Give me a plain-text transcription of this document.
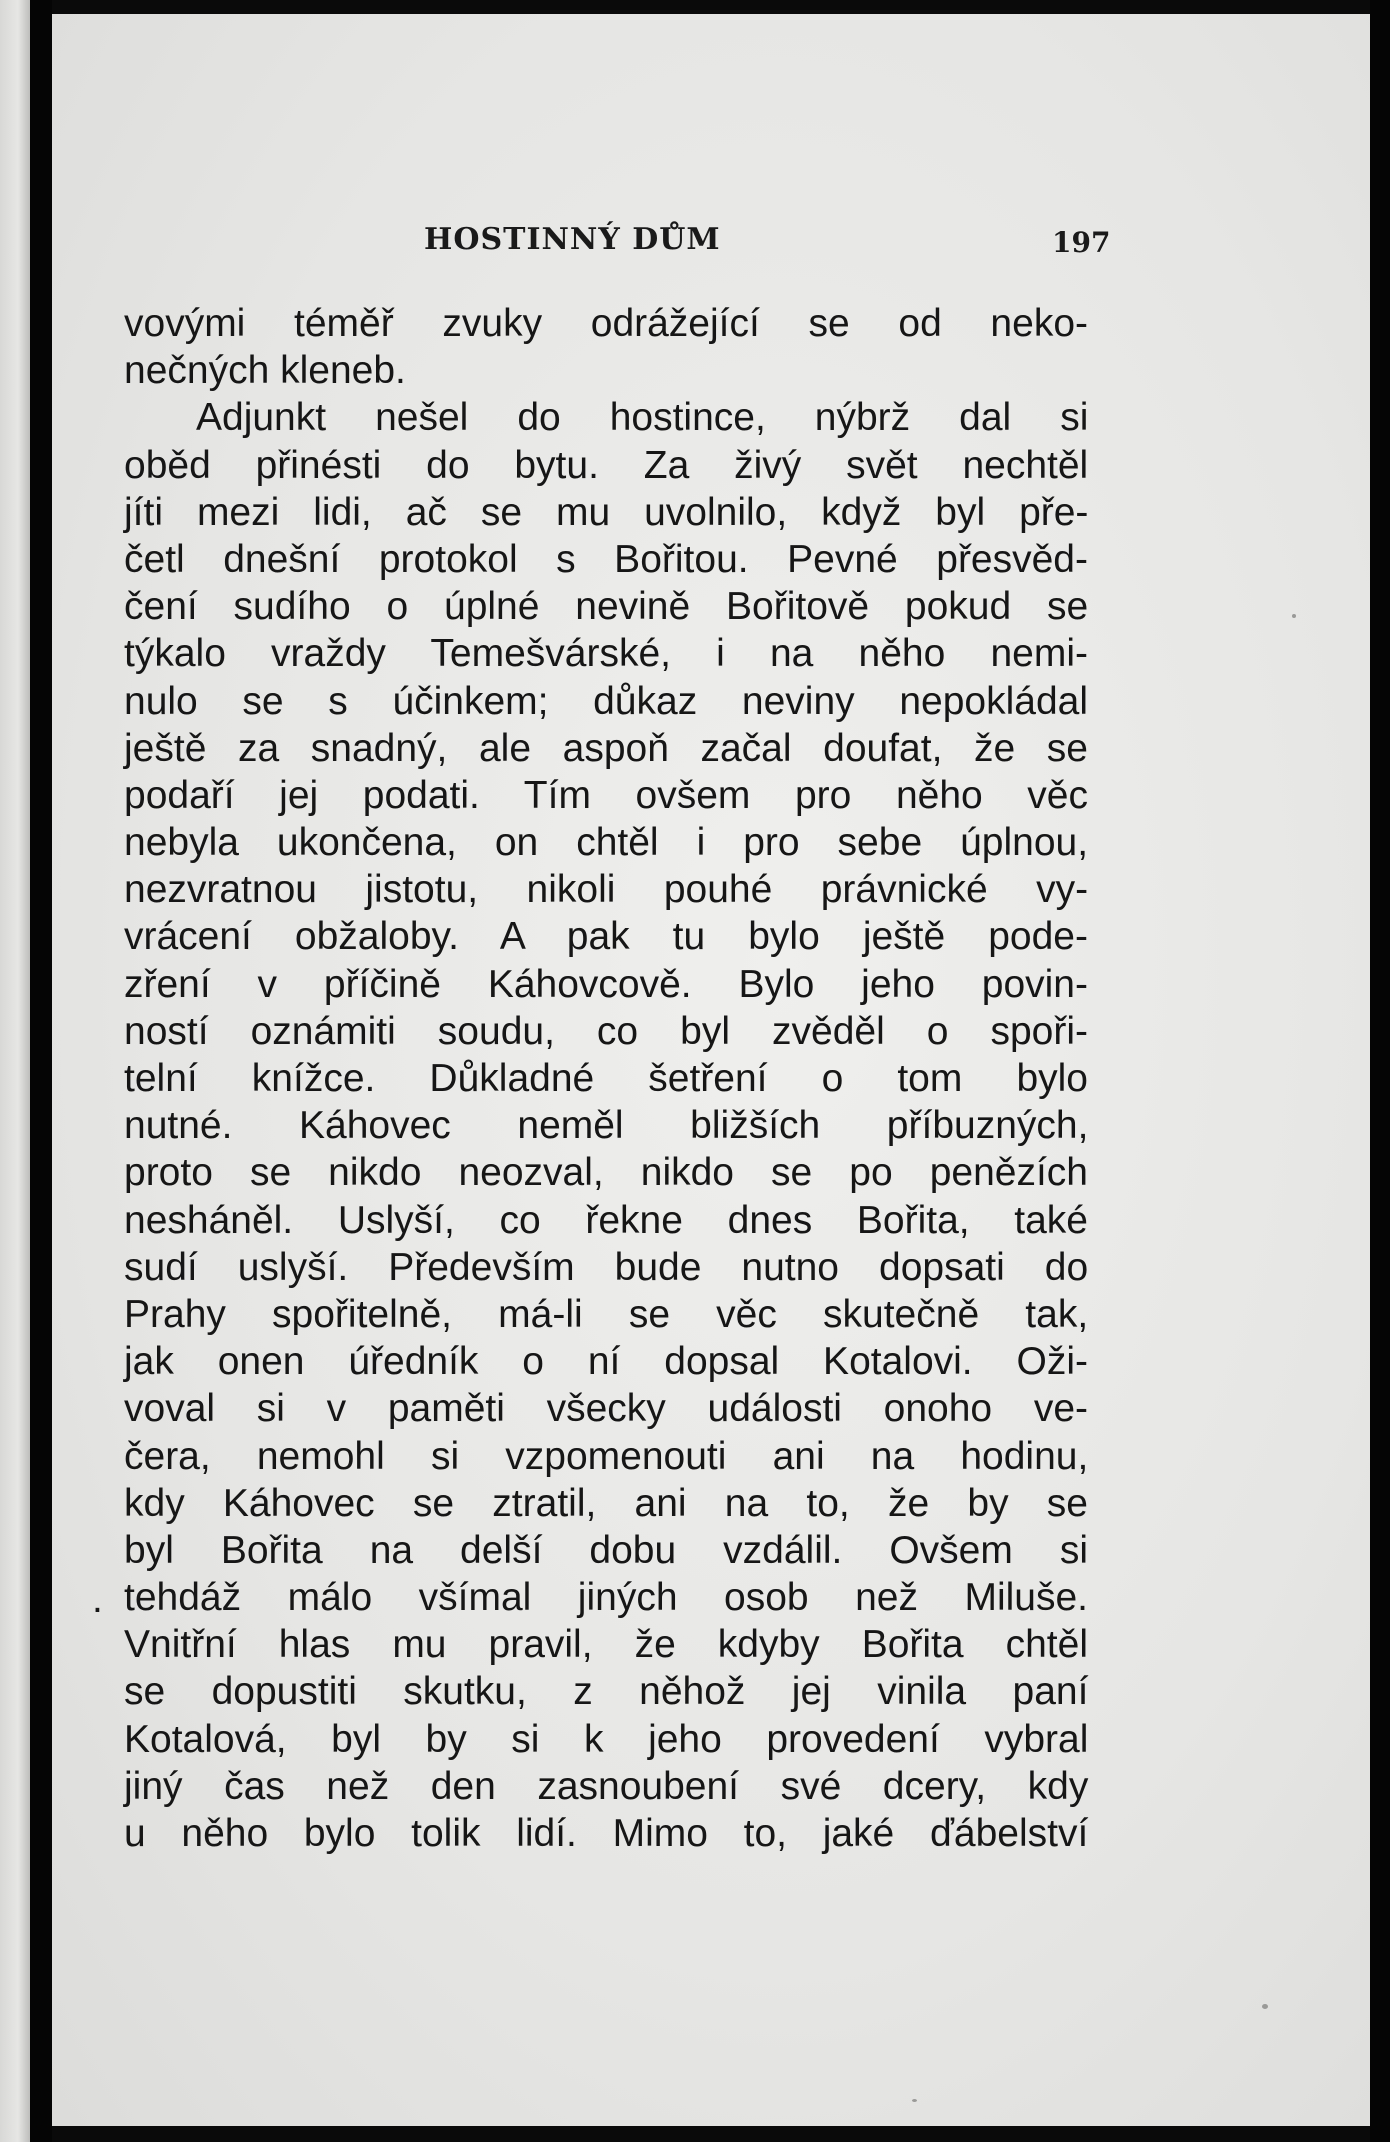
HOSTINNÝ DŮM	197
.
vovými téměř zvuky odrážející se od neko-
nečných kleneb.
Adjunkt nešel do hostince, nýbrž dal si
oběd přinésti do bytu. Za živý svět nechtěl
jíti mezi lidi, ač se mu uvolnilo, když byl pře-
četl dnešní protokol s Bořitou. Pevné přesvěd-
čení sudího o úplné nevině Bořitově pokud se
týkalo vraždy Temešvárské, i na něho nemi-
nulo se s účinkem; důkaz neviny nepokládal
ještě za snadný, ale aspoň začal doufat, že se
podaří jej podati. Tím ovšem pro něho věc
nebyla ukončena, on chtěl i pro sebe úplnou,
nezvratnou jistotu, nikoli pouhé právnické vy-
vrácení obžaloby. A pak tu bylo ještě pode-
zření v příčině Káhovcově. Bylo jeho povin-
ností oznámiti soudu, co byl zvěděl o spoři-
telní knížce. Důkladné šetření o tom bylo
nutné. Káhovec neměl bližších příbuzných,
proto se nikdo neozval, nikdo se po penězích
nesháněl. Uslyší, co řekne dnes Bořita, také
sudí uslyší. Především bude nutno dopsati do
Prahy spořitelně, má-li se věc skutečně tak,
jak onen úředník o ní dopsal Kotalovi. Oži-
voval si v paměti všecky události onoho ve-
čera, nemohl si vzpomenouti ani na hodinu,
kdy Káhovec se ztratil, ani na to, že by se
byl Bořita na delší dobu vzdálil. Ovšem si
tehdáž málo všímal jiných osob než Miluše.
Vnitřní hlas mu pravil, že kdyby Bořita chtěl
se dopustiti skutku, z něhož jej vinila paní
Kotalová, byl by si k jeho provedení vybral
jiný čas než den zasnoubení své dcery, kdy
u něho bylo tolik lidí. Mimo to, jaké ďábelství
